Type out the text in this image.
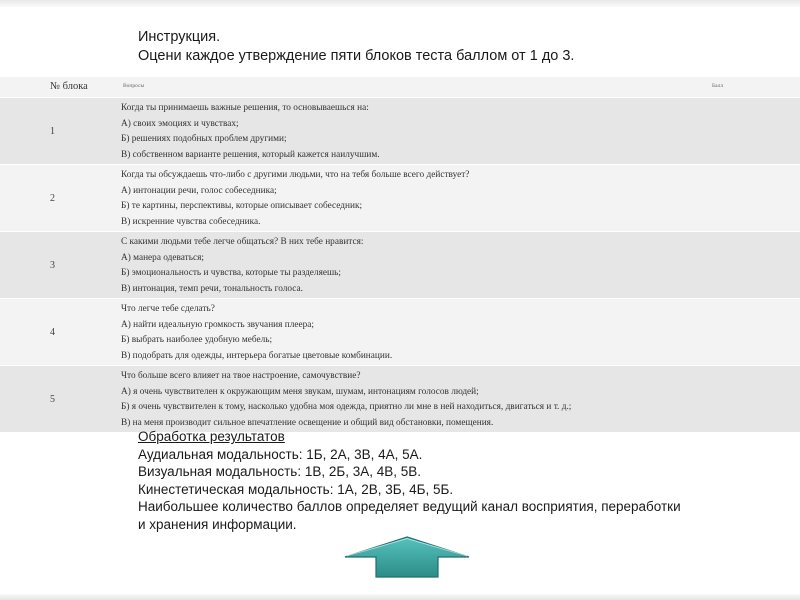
Инструкция.
Оцени каждое утверждение пяти блоков теста баллом от 1 до 3.
№ блока	Вопросы	Балл
1
Когда ты принимаешь важные решения, то основываешься на:
А) своих эмоциях и чувствах;
Б) решениях подобных проблем другими;
В) собственном варианте решения, который кажется наилучшим.
2
Когда ты обсуждаешь что-либо с другими людьми, что на тебя больше всего действует?
А) интонации речи, голос собеседника;
Б) те картины, перспективы, которые описывает собеседник;
В) искренние чувства собеседника.
3
С какими людьми тебе легче общаться? В них тебе нравится:
А) манера одеваться;
Б) эмоциональность и чувства, которые ты разделяешь;
В) интонация, темп речи, тональность голоса.
4
Что легче тебе сделать?
А) найти идеальную громкость звучания плеера;
Б) выбрать наиболее удобную мебель;
В) подобрать для одежды, интерьера богатые цветовые комбинации.
5
Что больше всего влияет на твое настроение, самочувствие?
А) я очень чувствителен к окружающим меня звукам, шумам, интонациям голосов людей;
Б) я очень чувствителен к тому, насколько удобна моя одежда, приятно ли мне в ней находиться, двигаться и т. д.;
В) на меня производит сильное впечатление освещение и общий вид обстановки, помещения.
Обработка результатов
Аудиальная модальность: 1Б, 2А, 3В, 4А, 5А.
Визуальная модальность: 1В, 2Б, 3А, 4В, 5В.
Кинестетическая модальность: 1А, 2В, 3Б, 4Б, 5Б.
Наибольшее количество баллов определяет ведущий канал восприятия, переработки
и хранения информации.
